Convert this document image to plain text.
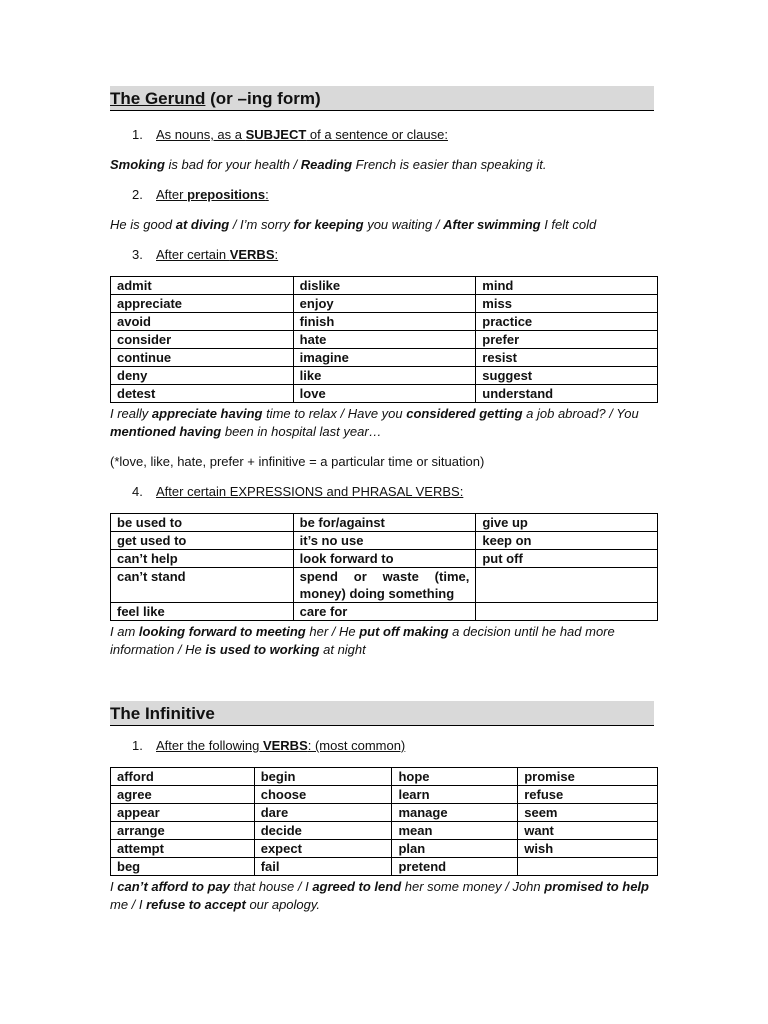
The Gerund (or –ing form)
1. As nouns, as a SUBJECT of a sentence or clause:
Smoking is bad for your health / Reading French is easier than speaking it.
2. After prepositions:
He is good at diving / I’m sorry for keeping you waiting / After swimming I felt cold
3. After certain VERBS:
admit	dislike	mind
appreciate	enjoy	miss
avoid	finish	practice
consider	hate	prefer
continue	imagine	resist
deny	like	suggest
detest	love	understand
I really appreciate having time to relax / Have you considered getting a job abroad? / You mentioned having been in hospital last year…
(*love, like, hate, prefer + infinitive = a particular time or situation)
4. After certain EXPRESSIONS and PHRASAL VERBS:
be used to	be for/against	give up
get used to	it’s no use	keep on
can’t help	look forward to	put off
can’t stand	spend or waste (time, money) doing something	
feel like	care for	
I am looking forward to meeting her / He put off making a decision until he had more information / He is used to working at night
The Infinitive
1. After the following VERBS: (most common)
afford	begin	hope	promise
agree	choose	learn	refuse
appear	dare	manage	seem
arrange	decide	mean	want
attempt	expect	plan	wish
beg	fail	pretend	
I can’t afford to pay that house / I agreed to lend her some money / John promised to help me / I refuse to accept our apology.
